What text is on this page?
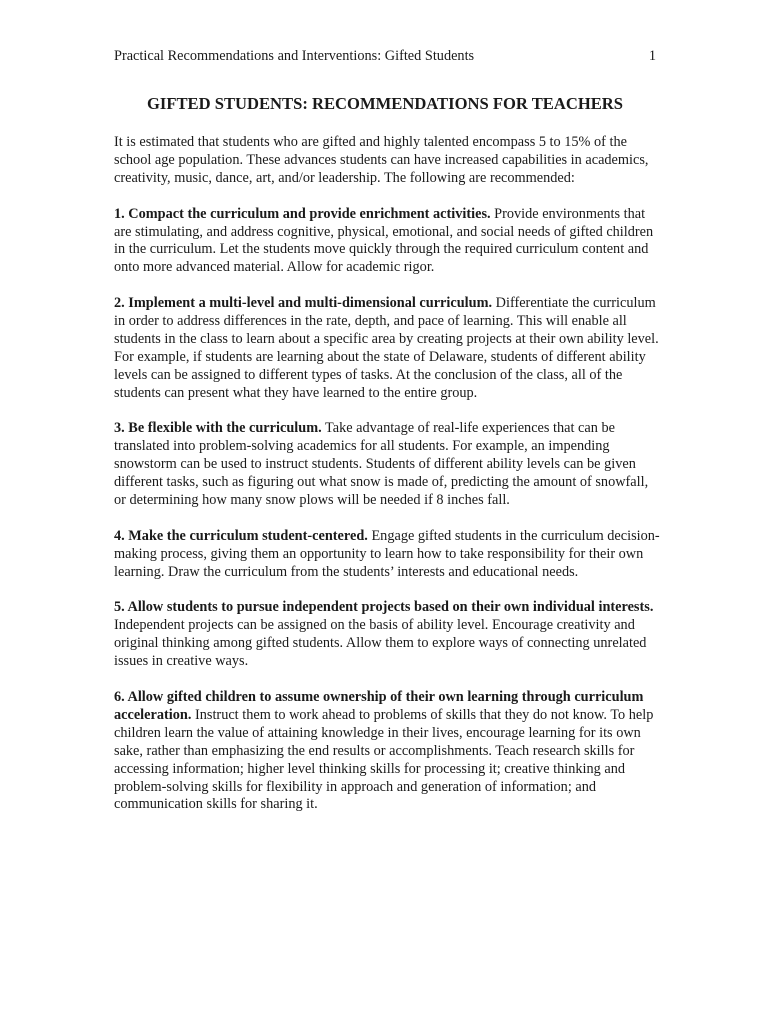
Practical Recommendations and Interventions: Gifted Students	1
GIFTED STUDENTS: RECOMMENDATIONS FOR TEACHERS

It is estimated that students who are gifted and highly talented encompass 5 to 15% of the school age population. These advances students can have increased capabilities in academics, creativity, music, dance, art, and/or leadership. The following are recommended:

1. Compact the curriculum and provide enrichment activities. Provide environments that are stimulating, and address cognitive, physical, emotional, and social needs of gifted children in the curriculum. Let the students move quickly through the required curriculum content and onto more advanced material. Allow for academic rigor.

2. Implement a multi-level and multi-dimensional curriculum. Differentiate the curriculum in order to address differences in the rate, depth, and pace of learning. This will enable all students in the class to learn about a specific area by creating projects at their own ability level. For example, if students are learning about the state of Delaware, students of different ability levels can be assigned to different types of tasks. At the conclusion of the class, all of the students can present what they have learned to the entire group.

3. Be flexible with the curriculum. Take advantage of real-life experiences that can be translated into problem-solving academics for all students. For example, an impending snowstorm can be used to instruct students. Students of different ability levels can be given different tasks, such as figuring out what snow is made of, predicting the amount of snowfall, or determining how many snow plows will be needed if 8 inches fall.

4. Make the curriculum student-centered. Engage gifted students in the curriculum decision-making process, giving them an opportunity to learn how to take responsibility for their own learning. Draw the curriculum from the students’ interests and educational needs.

5. Allow students to pursue independent projects based on their own individual interests. Independent projects can be assigned on the basis of ability level. Encourage creativity and original thinking among gifted students. Allow them to explore ways of connecting unrelated issues in creative ways.

6. Allow gifted children to assume ownership of their own learning through curriculum acceleration. Instruct them to work ahead to problems of skills that they do not know. To help children learn the value of attaining knowledge in their lives, encourage learning for its own sake, rather than emphasizing the end results or accomplishments. Teach research skills for accessing information; higher level thinking skills for processing it; creative thinking and problem-solving skills for flexibility in approach and generation of information; and communication skills for sharing it.
